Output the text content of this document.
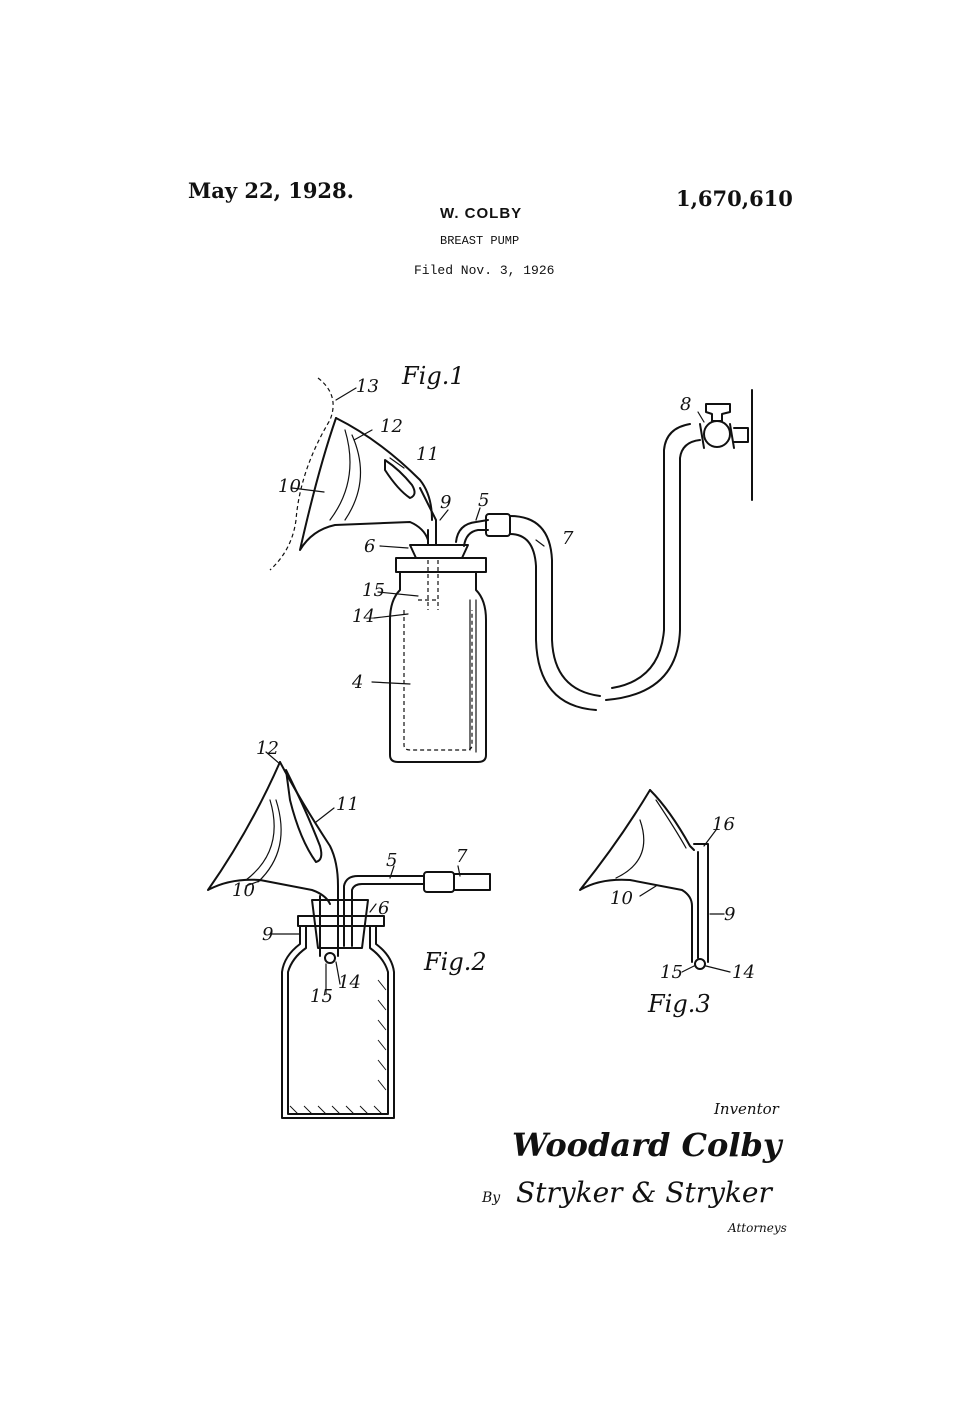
May 22, 1928.	1,670,610
W. COLBY
BREAST PUMP
Filed Nov. 3, 1926
13 Fig.1
12
11
10
9 5
7
8
6
15
14
4
12
11
10
5	7
6
9
14
15
Fig.2
16
10
9
15	14
Fig.3
Inventor
Woodard Colby
By Stryker & Stryker
Attorneys
